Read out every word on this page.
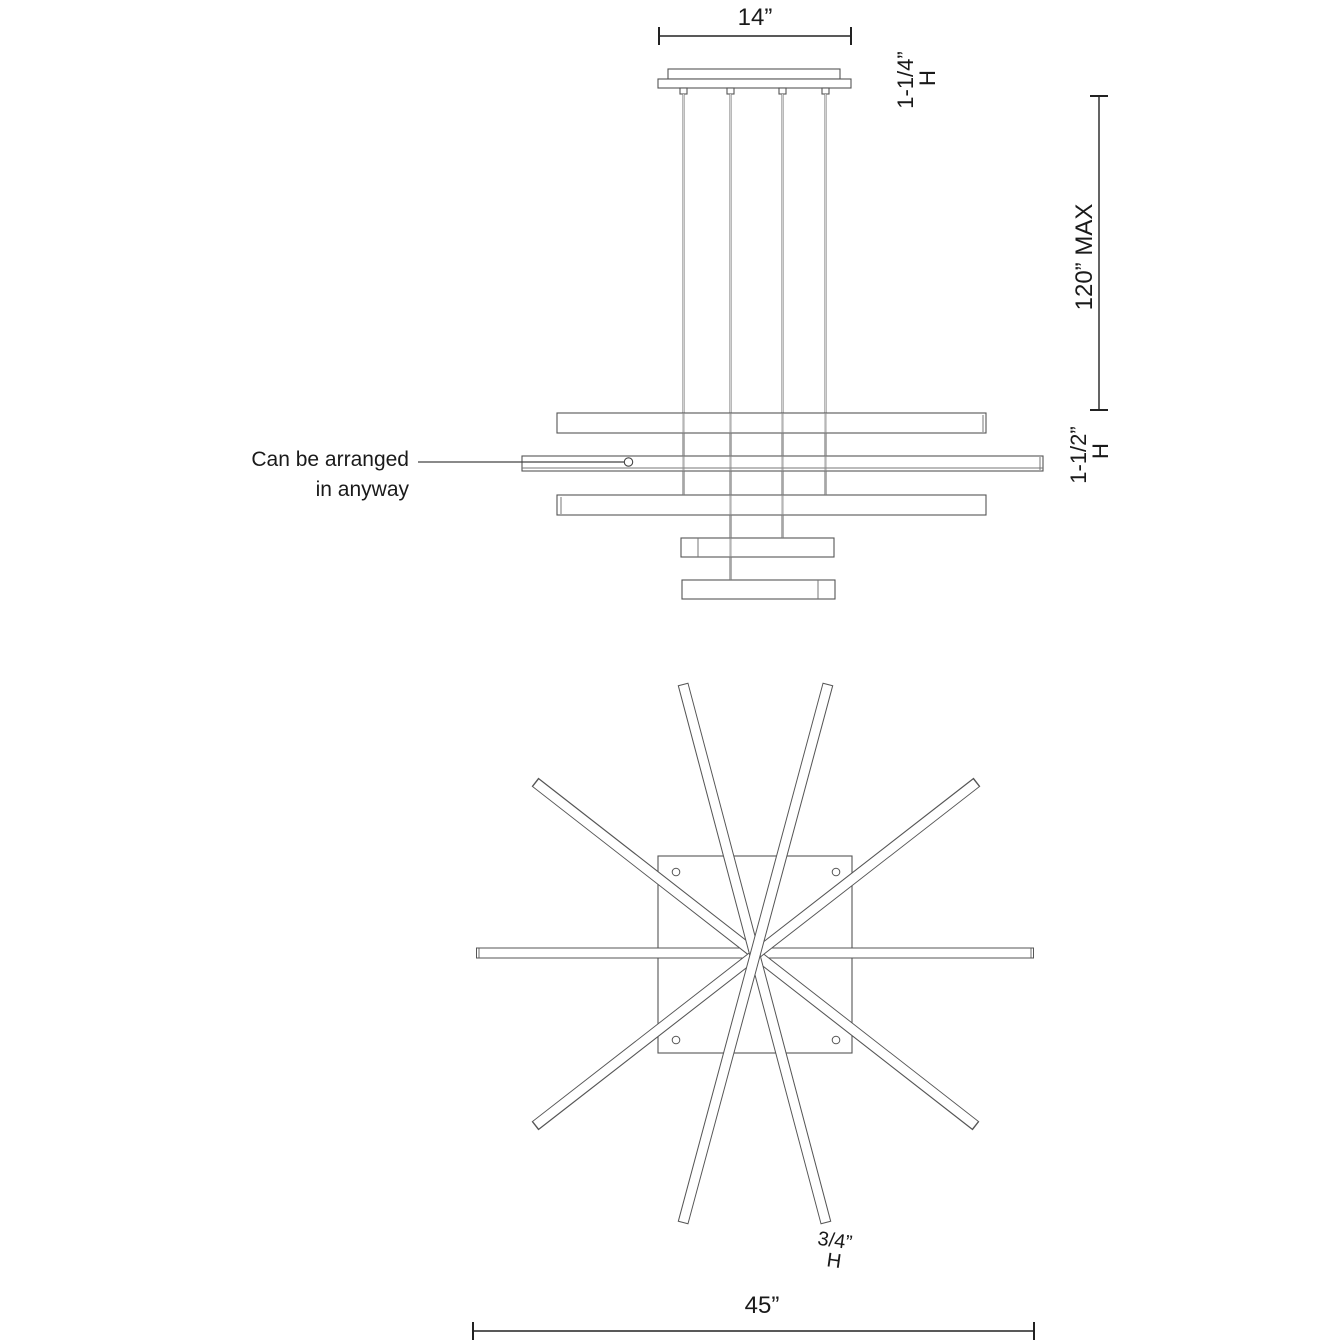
14”
1-1/4”
H
120” MAX
1-1/2”
H
Can be arranged
in anyway
3/4”
H
45”
